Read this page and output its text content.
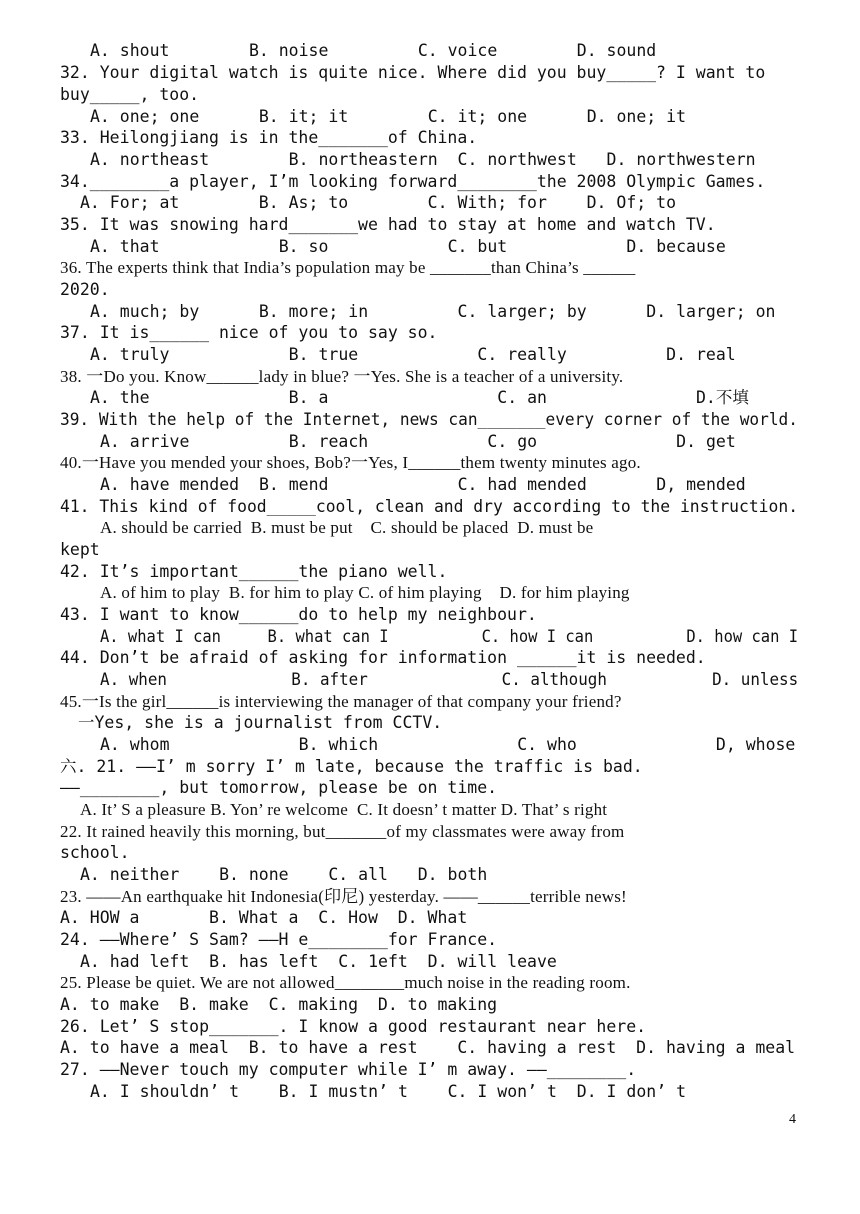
A. shout        B. noise         C. voice        D. sound
32. Your digital watch is quite nice. Where did you buy_____? I want to
buy_____, too.
A. one; one      B. it; it        C. it; one      D. one; it
33. Heilongjiang is in the_______of China.
A. northeast        B. northeastern  C. northwest   D. northwestern
34.________a player, I’m looking forward________the 2008 Olympic Games.
A. For; at        B. As; to        C. With; for    D. Of; to
35. It was snowing hard_______we had to stay at home and watch TV.
A. that            B. so            C. but            D. because
36. The experts think that India’s population may be _______than China’s ______
2020.
A. much; by      B. more; in         C. larger; by      D. larger; on
37. It is______ nice of you to say so.
A. truly            B. true            C. really          D. real
38. 一Do you. Know______lady in blue? 一Yes. She is a teacher of a university.
A. the              B. a                 C. an               D.不填
39. With the help of the Internet, news can_______every corner of the world.
A. arrive          B. reach            C. go              D. get
40.一Have you mended your shoes, Bob?一Yes, I______them twenty minutes ago.
A. have mended  B. mend             C. had mended       D, mended
41. This kind of food_____cool, clean and dry according to the instruction.
A. should be carried  B. must be put    C. should be placed  D. must be
kept
42. It’s important______the piano well.
A. of him to play  B. for him to play C. of him playing    D. for him playing
43. I want to know______do to help my neighbour.
A. what I can     B. what can I          C. how I can          D. how can I
44. Don’t be afraid of asking for information ______it is needed.
A. when             B. after              C. although           D. unless
45.一Is the girl______is interviewing the manager of that company your friend?
一Yes, she is a journalist from CCTV.
A. whom             B. which              C. who              D, whose
六. 21. ——I’ m sorry I’ m late, because the traffic is bad.
——________, but tomorrow, please be on time.
A. It’ S a pleasure B. Yon’ re welcome  C. It doesn’ t matter D. That’ s right
22. It rained heavily this morning, but_______of my classmates were away from
school.
A. neither    B. none    C. all   D. both
23. ——An earthquake hit Indonesia(印尼) yesterday. ——______terrible news!
A. HOW a       B. What a  C. How  D. What
24. ——Where’ S Sam? ——H e________for France.
A. had left  B. has left  C. 1eft  D. will leave
25. Please be quiet. We are not allowed________much noise in the reading room.
A. to make  B. make  C. making  D. to making
26. Let’ S stop_______. I know a good restaurant near here.
A. to have a meal  B. to have a rest    C. having a rest  D. having a meal
27. ——Never touch my computer while I’ m away. ——________.
A. I shouldn’ t    B. I mustn’ t    C. I won’ t  D. I don’ t
4
